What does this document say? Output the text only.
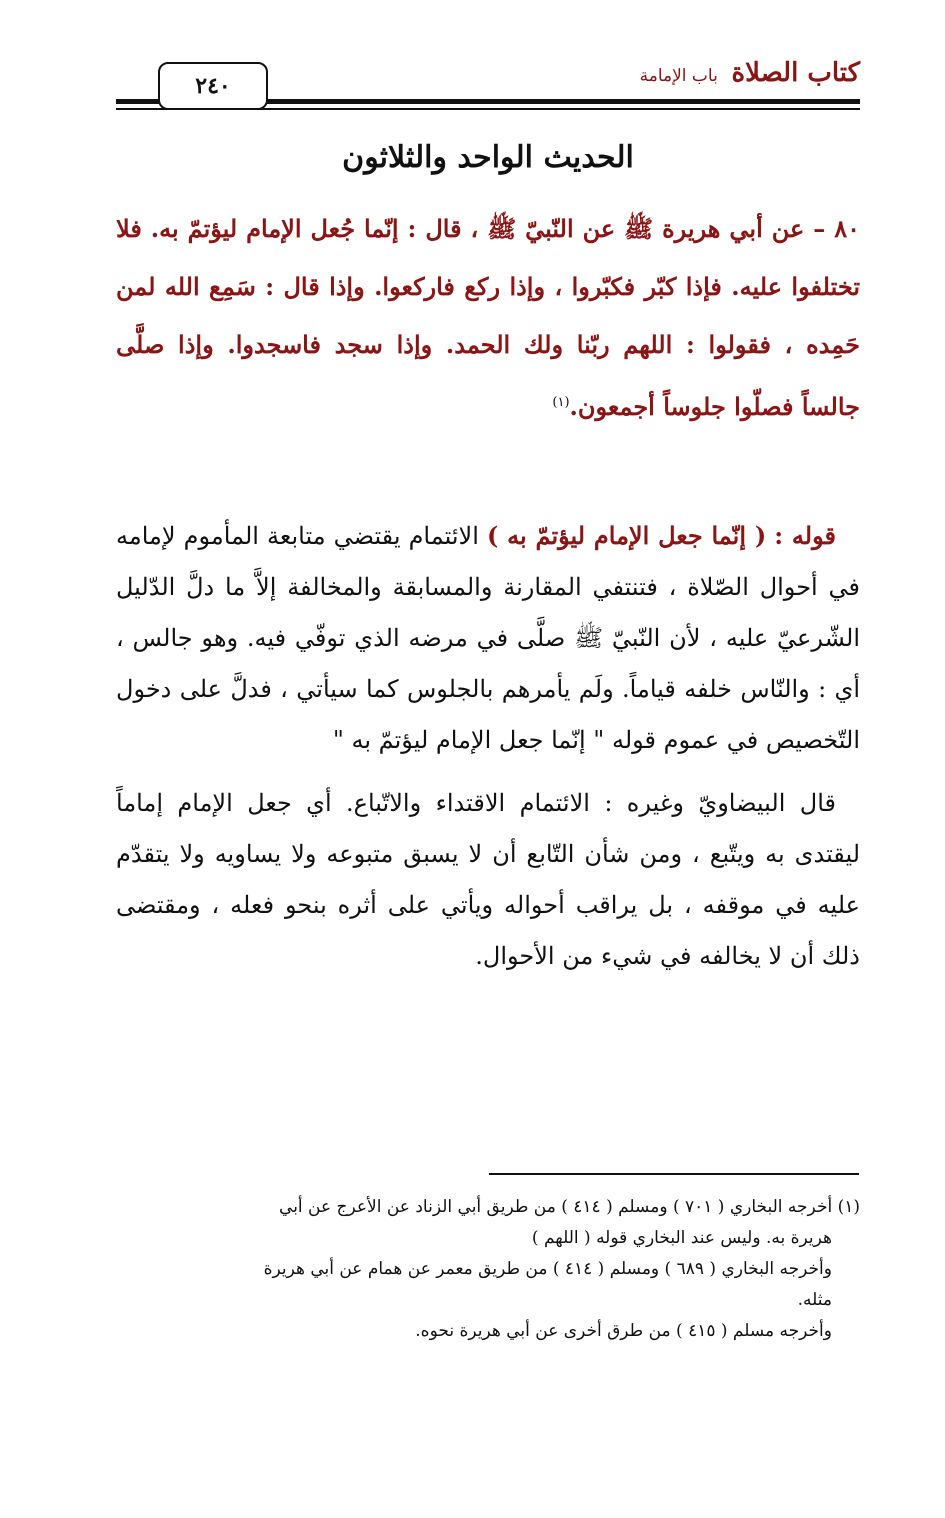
كتاب الصلاة باب الإمامة
٢٤٠
الحديث الواحد والثلاثون
٨٠ – عن أبي هريرة ﷺ عن النّبيّ ﷺ ، قال : إنّما جُعل الإمام ليؤتمّ به. فلا تختلفوا عليه. فإذا كبّر فكبّروا ، وإذا ركع فاركعوا. وإذا قال : سَمِع الله لمن حَمِده ، فقولوا : اللهم ربّنا ولك الحمد. وإذا سجد فاسجدوا. وإذا صلَّى جالساً فصلّوا جلوساً أجمعون.$^{(١)}$

قوله : ( إنّما جعل الإمام ليؤتمّ به ) الائتمام يقتضي متابعة المأموم لإمامه في أحوال الصّلاة ، فتنتفي المقارنة والمسابقة والمخالفة إلاَّ ما دلَّ الدّليل الشّرعيّ عليه ، لأن النّبيّ ﷺ صلَّى في مرضه الذي توفّي فيه. وهو جالس ، أي : والنّاس خلفه قياماً. ولَم يأمرهم بالجلوس كما سيأتي ، فدلَّ على دخول التّخصيص في عموم قوله " إنّما جعل الإمام ليؤتمّ به "

قال البيضاويّ وغيره : الائتمام الاقتداء والاتّباع. أي جعل الإمام إماماً ليقتدى به ويتّبع ، ومن شأن التّابع أن لا يسبق متبوعه ولا يساويه ولا يتقدّم عليه في موقفه ، بل يراقب أحواله ويأتي على أثره بنحو فعله ، ومقتضى ذلك أن لا يخالفه في شيء من الأحوال.

(١) أخرجه البخاري ( ٧٠١ ) ومسلم ( ٤١٤ ) من طريق أبي الزناد عن الأعرج عن أبي

هريرة به. وليس عند البخاري قوله ( اللهم )

وأخرجه البخاري ( ٦٨٩ ) ومسلم ( ٤١٤ ) من طريق معمر عن همام عن أبي هريرة

مثله.

وأخرجه مسلم ( ٤١٥ ) من طرق أخرى عن أبي هريرة نحوه.
